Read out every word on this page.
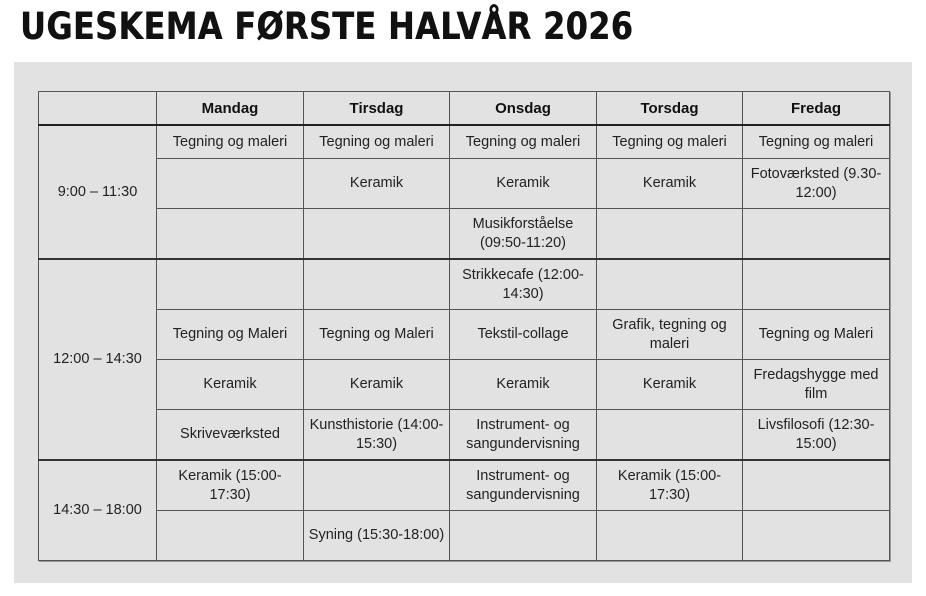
UGESKEMA FØRSTE HALVÅR 2026
	Mandag	Tirsdag	Onsdag	Torsdag	Fredag
9:00 – 11:30	Tegning og maleri	Tegning og maleri	Tegning og maleri	Tegning og maleri	Tegning og maleri
		Keramik	Keramik	Keramik	Fotoværksted (9.30-12:00)
			Musikforståelse (09:50-11:20)		
12:00 – 14:30			Strikkecafe (12:00-14:30)		
	Tegning og Maleri	Tegning og Maleri	Tekstil-collage	Grafik, tegning og maleri	Tegning og Maleri
	Keramik	Keramik	Keramik	Keramik	Fredagshygge med film
	Skriveværksted	Kunsthistorie (14:00-15:30)	Instrument- og sangundervisning		Livsfilosofi (12:30-15:00)
14:30 – 18:00	Keramik (15:00-17:30)		Instrument- og sangundervisning	Keramik (15:00-17:30)	
		Syning (15:30-18:00)			
